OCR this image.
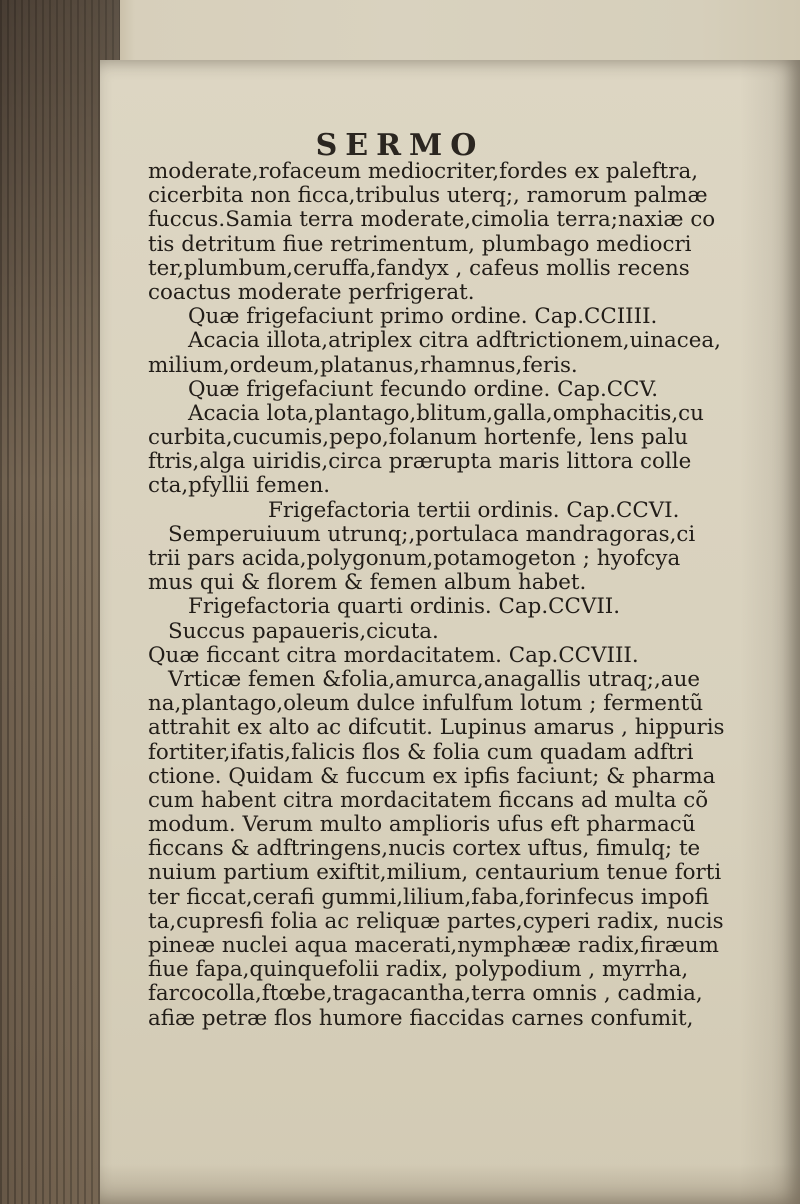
SERMO
moderate,rofaceum mediocriter,fordes ex paleftra,
cicerbita non ficca,tribulus uterq;, ramorum palmæ
fuccus.Samia terra moderate,cimolia terra;naxiæ co
tis detritum fiue retrimentum, plumbago mediocri
ter,plumbum,ceruffa,fandyx , cafeus mollis recens
coactus moderate perfrigerat.
Quæ frigefaciunt primo ordine. Cap.CCIIII.
Acacia illota,atriplex citra adftrictionem,uinacea,
milium,ordeum,platanus,rhamnus,feris.
Quæ frigefaciunt fecundo ordine. Cap.CCV.
Acacia lota,plantago,blitum,galla,omphacitis,cu
curbita,cucumis,pepo,folanum hortenfe, lens palu
ftris,alga uiridis,circa prærupta maris littora colle
cta,pfyllii femen.
Frigefactoria tertii ordinis. Cap.CCVI.
Semperuiuum utrunq;,portulaca mandragoras,ci
trii pars acida,polygonum,potamogeton ; hyofcya
mus qui & florem & femen album habet.
Frigefactoria quarti ordinis. Cap.CCVII.
Succus papaueris,cicuta.
Quæ ficcant citra mordacitatem. Cap.CCVIII.
Vrticæ femen &folia,amurca,anagallis utraq;,aue
na,plantago,oleum dulce infulfum lotum ; fermentũ
attrahit ex alto ac difcutit. Lupinus amarus , hippuris
fortiter,ifatis,falicis flos & folia cum quadam adftri
ctione. Quidam & fuccum ex ipfis faciunt; & pharma
cum habent citra mordacitatem ficcans ad multa cõ
modum. Verum multo amplioris ufus eft pharmacũ
ficcans & adftringens,nucis cortex uftus, fimulq; te
nuium partium exiftit,milium, centaurium tenue forti
ter ficcat,cerafi gummi,lilium,faba,forinfecus impofi
ta,cupresfi folia ac reliquæ partes,cyperi radix, nucis
pineæ nuclei aqua macerati,nymphææ radix,firæum
fiue fapa,quinquefolii radix, polypodium , myrrha,
farcocolla,ftœbe,tragacantha,terra omnis , cadmia,
afiæ petræ flos humore fiaccidas carnes confumit,
